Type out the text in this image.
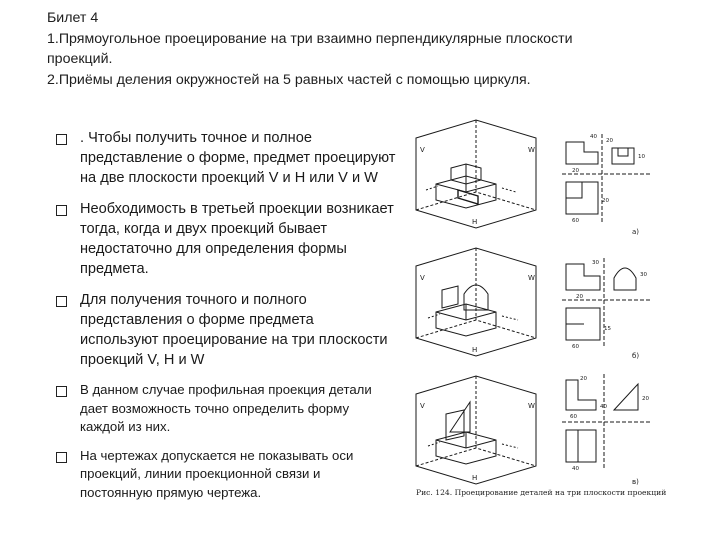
Билет 4
1.Прямоугольное проецирование на три взаимно перпендикулярные плоскости
проекций.
2.Приёмы деления окружностей на 5 равных частей с помощью циркуля.
. Чтобы получить точное и полное представление о форме, предмет проецируют на две плоскости проекций V и H или V и W
Необходимость в третьей проекции возникает тогда, когда и двух проекций бывает недостаточно для определения формы предмета.
Для получения точного и полного представления о форме предмета используют проецирование на три плоскости проекций V, H и W
В данном случае профильная проекция детали дает возможность точно определить форму каждой из них.
На чертежах допускается не показывать оси проекций, линии проекционной связи и постоянную прямую чертежа.
V	W
H
V	W
H
V	W
H
а)
б)
в)
40
20
20
10
60
20
30
30
20
15
60
20
40
60
20
40
Рис. 124. Проецирование деталей на три плоскости проекций
